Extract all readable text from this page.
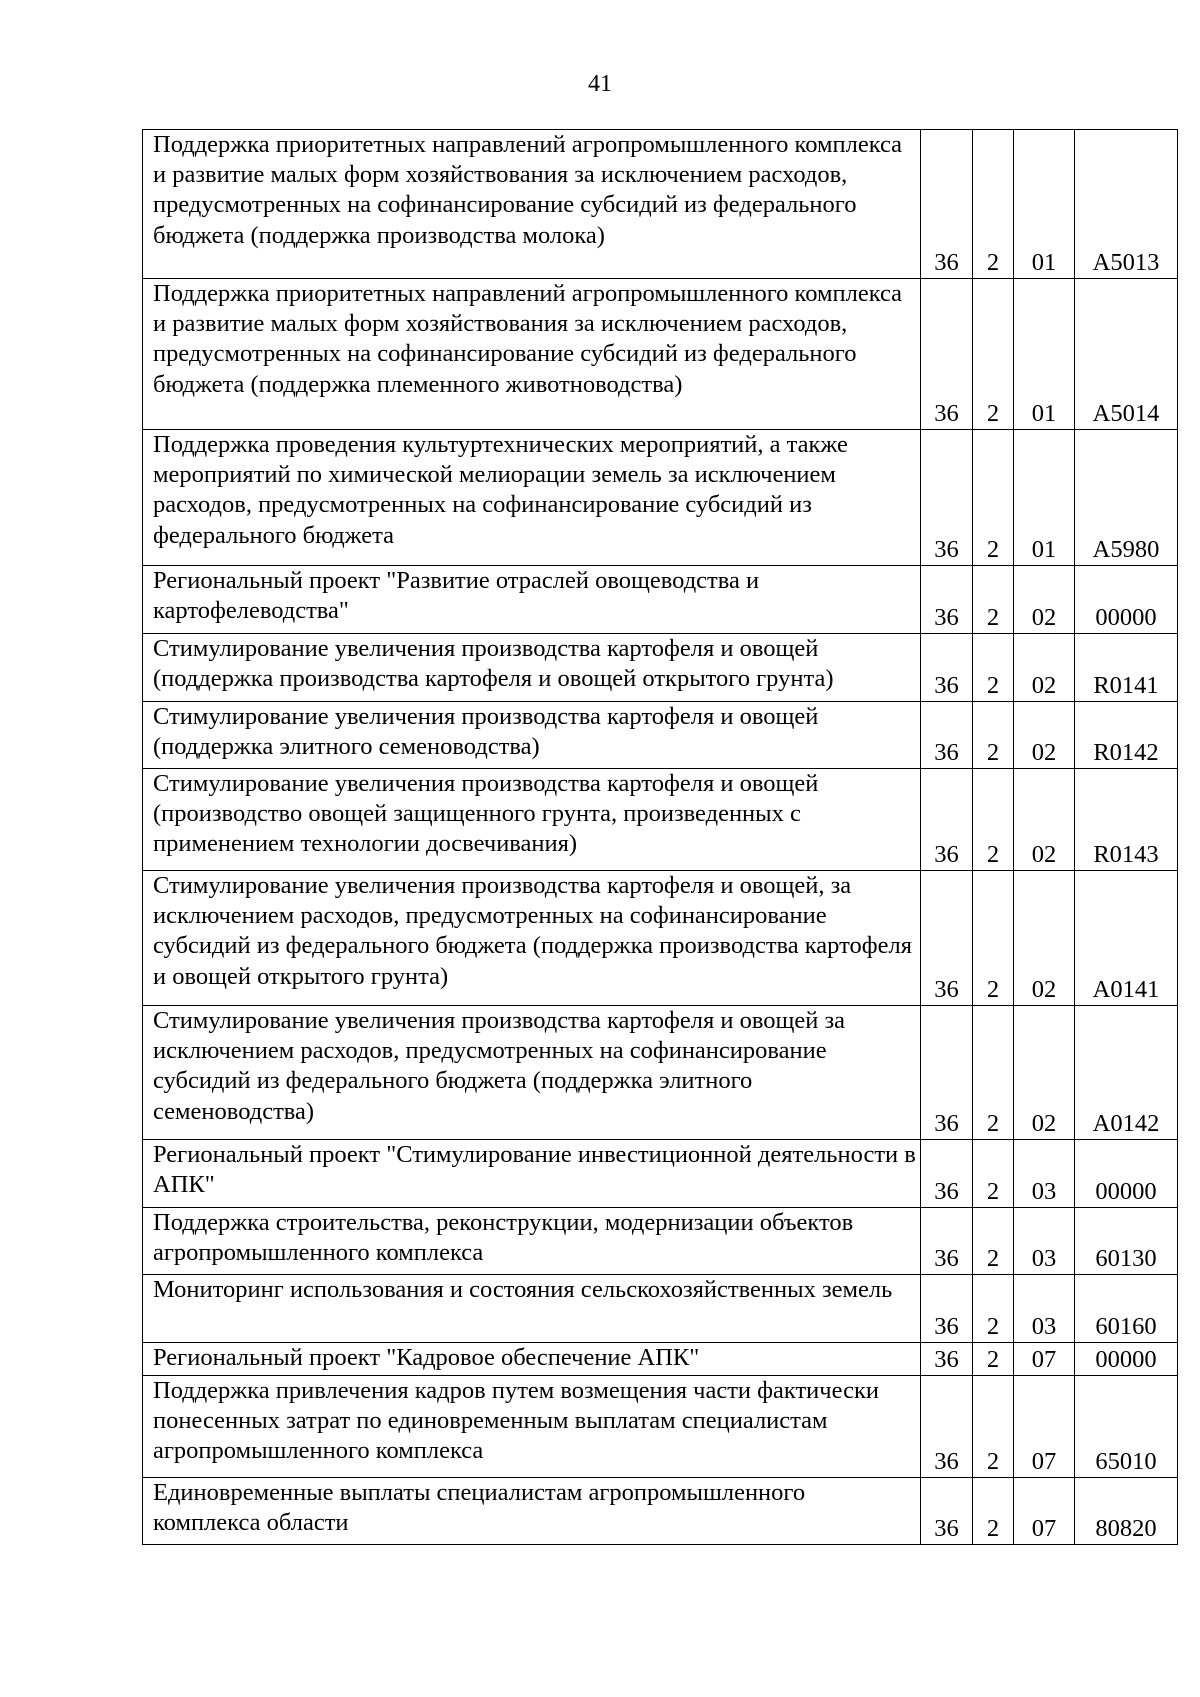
41
Поддержка приоритетных направлений агропромышленного комплекса и развитие малых форм хозяйствования за исключением расходов, предусмотренных на софинансирование субсидий из федерального бюджета (поддержка производства молока)	36	2	01	А5013
Поддержка приоритетных направлений агропромышленного комплекса и развитие малых форм хозяйствования за исключением расходов, предусмотренных на софинансирование субсидий из федерального бюджета (поддержка племенного животноводства)	36	2	01	А5014
Поддержка проведения культуртехнических мероприятий, а также мероприятий по химической мелиорации земель за исключением расходов, предусмотренных на софинансирование субсидий из федерального бюджета	36	2	01	А5980
Региональный проект "Развитие отраслей овощеводства и картофелеводства"	36	2	02	00000
Стимулирование увеличения производства картофеля и овощей (поддержка производства картофеля и овощей открытого грунта)	36	2	02	R0141
Стимулирование увеличения производства картофеля и овощей (поддержка элитного семеноводства)	36	2	02	R0142
Стимулирование увеличения производства картофеля и овощей (производство овощей защищенного грунта, произведенных с применением технологии досвечивания)	36	2	02	R0143
Стимулирование увеличения производства картофеля и овощей, за исключением расходов, предусмотренных на софинансирование субсидий из федерального бюджета (поддержка производства картофеля и овощей открытого грунта)	36	2	02	А0141
Стимулирование увеличения производства картофеля и овощей за исключением расходов, предусмотренных на софинансирование субсидий из федерального бюджета (поддержка элитного семеноводства)	36	2	02	А0142
Региональный проект "Стимулирование инвестиционной деятельности в АПК"	36	2	03	00000
Поддержка строительства, реконструкции, модернизации объектов агропромышленного комплекса	36	2	03	60130
Мониторинг использования и состояния сельскохозяйственных земель	36	2	03	60160
Региональный проект "Кадровое обеспечение АПК"	36	2	07	00000
Поддержка привлечения кадров путем возмещения части фактически понесенных затрат по единовременным выплатам специалистам агропромышленного комплекса	36	2	07	65010
Единовременные выплаты специалистам агропромышленного комплекса области	36	2	07	80820
